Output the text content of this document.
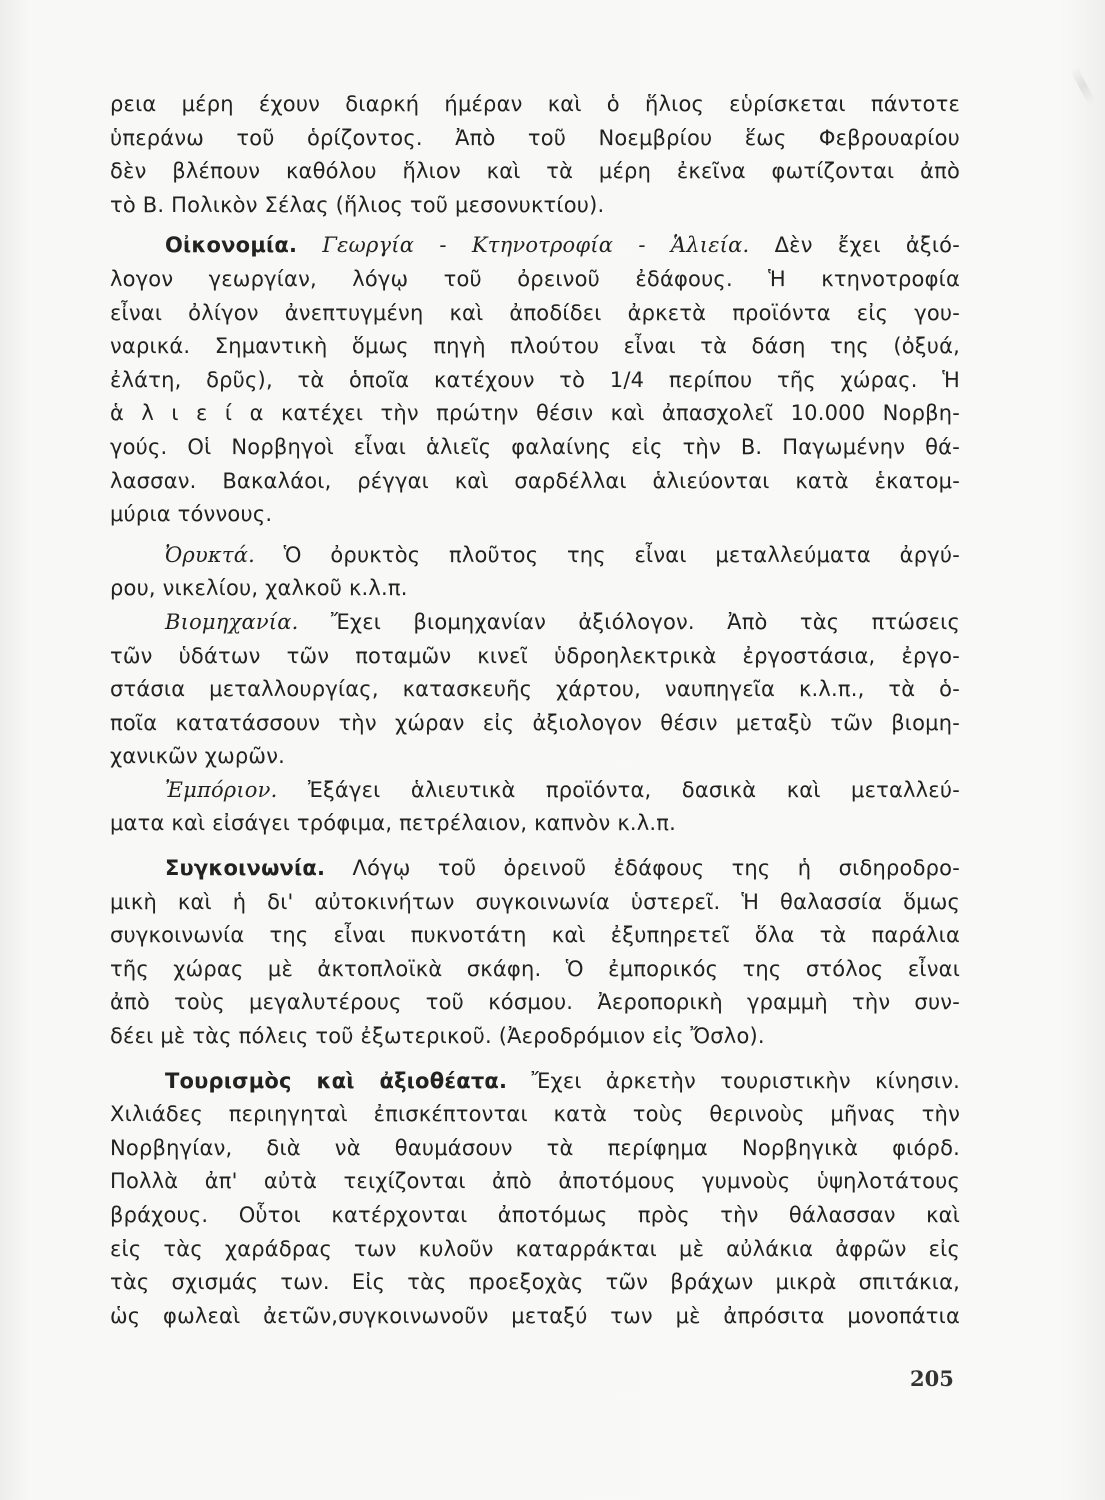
ρεια μέρη έχουν διαρκή ήμέραν καὶ ὁ ἥλιος εὑρίσκεται πάντοτε
ὑπεράνω τοῦ ὁρίζοντος. Ἀπὸ τοῦ Νοεμβρίου ἕως Φεβρουαρίου
δὲν βλέπουν καθόλου ἥλιον καὶ τὰ μέρη ἐκεῖνα φωτίζονται ἀπὸ
τὸ Β. Πολικὸν Σέλας (ἥλιος τοῦ μεσονυκτίου).
Οἰκονομία. Γεωργία - Κτηνοτροφία - Ἁλιεία. Δὲν ἔχει ἀξιό-
λογον γεωργίαν, λόγῳ τοῦ ὀρεινοῦ ἐδάφους. Ἡ κτηνοτροφία
εἶναι ὀλίγον ἀνεπτυγμένη καὶ ἀποδίδει ἀρκετὰ προϊόντα εἰς γου-
ναρικά. Σημαντικὴ ὅμως πηγὴ πλούτου εἶναι τὰ δάση της (ὀξυά,
ἐλάτη, δρῦς), τὰ ὁποῖα κατέχουν τὸ 1/4 περίπου τῆς χώρας. Ἡ
ἁ λ ι ε ί α κατέχει τὴν πρώτην θέσιν καὶ ἀπασχολεῖ 10.000 Νορβη-
γούς. Οἱ Νορβηγοὶ εἶναι ἁλιεῖς φαλαίνης εἰς τὴν Β. Παγωμένην θά-
λασσαν. Βακαλάοι, ρέγγαι καὶ σαρδέλλαι ἁλιεύονται κατὰ ἑκατομ-
μύρια τόννους.
Ὀρυκτά. Ὁ ὀρυκτὸς πλοῦτος της εἶναι μεταλλεύματα ἀργύ-
ρου, νικελίου, χαλκοῦ κ.λ.π.
Βιομηχανία. Ἔχει βιομηχανίαν ἀξιόλογον. Ἀπὸ τὰς πτώσεις
τῶν ὑδάτων τῶν ποταμῶν κινεῖ ὑδροηλεκτρικὰ ἐργοστάσια, ἐργο-
στάσια μεταλλουργίας, κατασκευῆς χάρτου, ναυπηγεῖα κ.λ.π., τὰ ὁ-
ποῖα κατατάσσουν τὴν χώραν εἰς ἀξιολογον θέσιν μεταξὺ τῶν βιομη-
χανικῶν χωρῶν.
Ἐμπόριον. Ἐξάγει ἁλιευτικὰ προϊόντα, δασικὰ καὶ μεταλλεύ-
ματα καὶ εἰσάγει τρόφιμα, πετρέλαιον, καπνὸν κ.λ.π.
Συγκοινωνία. Λόγῳ τοῦ ὀρεινοῦ ἐδάφους της ἡ σιδηροδρο-
μικὴ καὶ ἡ δι' αὐτοκινήτων συγκοινωνία ὑστερεῖ. Ἡ θαλασσία ὅμως
συγκοινωνία της εἶναι πυκνοτάτη καὶ ἐξυπηρετεῖ ὅλα τὰ παράλια
τῆς χώρας μὲ ἀκτοπλοϊκὰ σκάφη. Ὁ ἐμπορικός της στόλος εἶναι
ἀπὸ τοὺς μεγαλυτέρους τοῦ κόσμου. Ἀεροπορικὴ γραμμὴ τὴν συν-
δέει μὲ τὰς πόλεις τοῦ ἐξωτερικοῦ. (Ἀεροδρόμιον εἰς Ὄσλο).
Τουρισμὸς καὶ ἀξιοθέατα. Ἔχει ἀρκετὴν τουριστικὴν κίνησιν.
Χιλιάδες περιηγηταὶ ἐπισκέπτονται κατὰ τοὺς θερινοὺς μῆνας τὴν
Νορβηγίαν, διὰ νὰ θαυμάσουν τὰ περίφημα Νορβηγικὰ φιόρδ.
Πολλὰ ἀπ' αὐτὰ τειχίζονται ἀπὸ ἀποτόμους γυμνοὺς ὑψηλοτάτους
βράχους. Οὗτοι κατέρχονται ἀποτόμως πρὸς τὴν θάλασσαν καὶ
εἰς τὰς χαράδρας των κυλοῦν καταρράκται μὲ αὐλάκια ἀφρῶν εἰς
τὰς σχισμάς των. Εἰς τὰς προεξοχὰς τῶν βράχων μικρὰ σπιτάκια,
ὡς φωλεαὶ ἀετῶν,συγκοινωνοῦν μεταξύ των μὲ ἀπρόσιτα μονοπάτια
205
